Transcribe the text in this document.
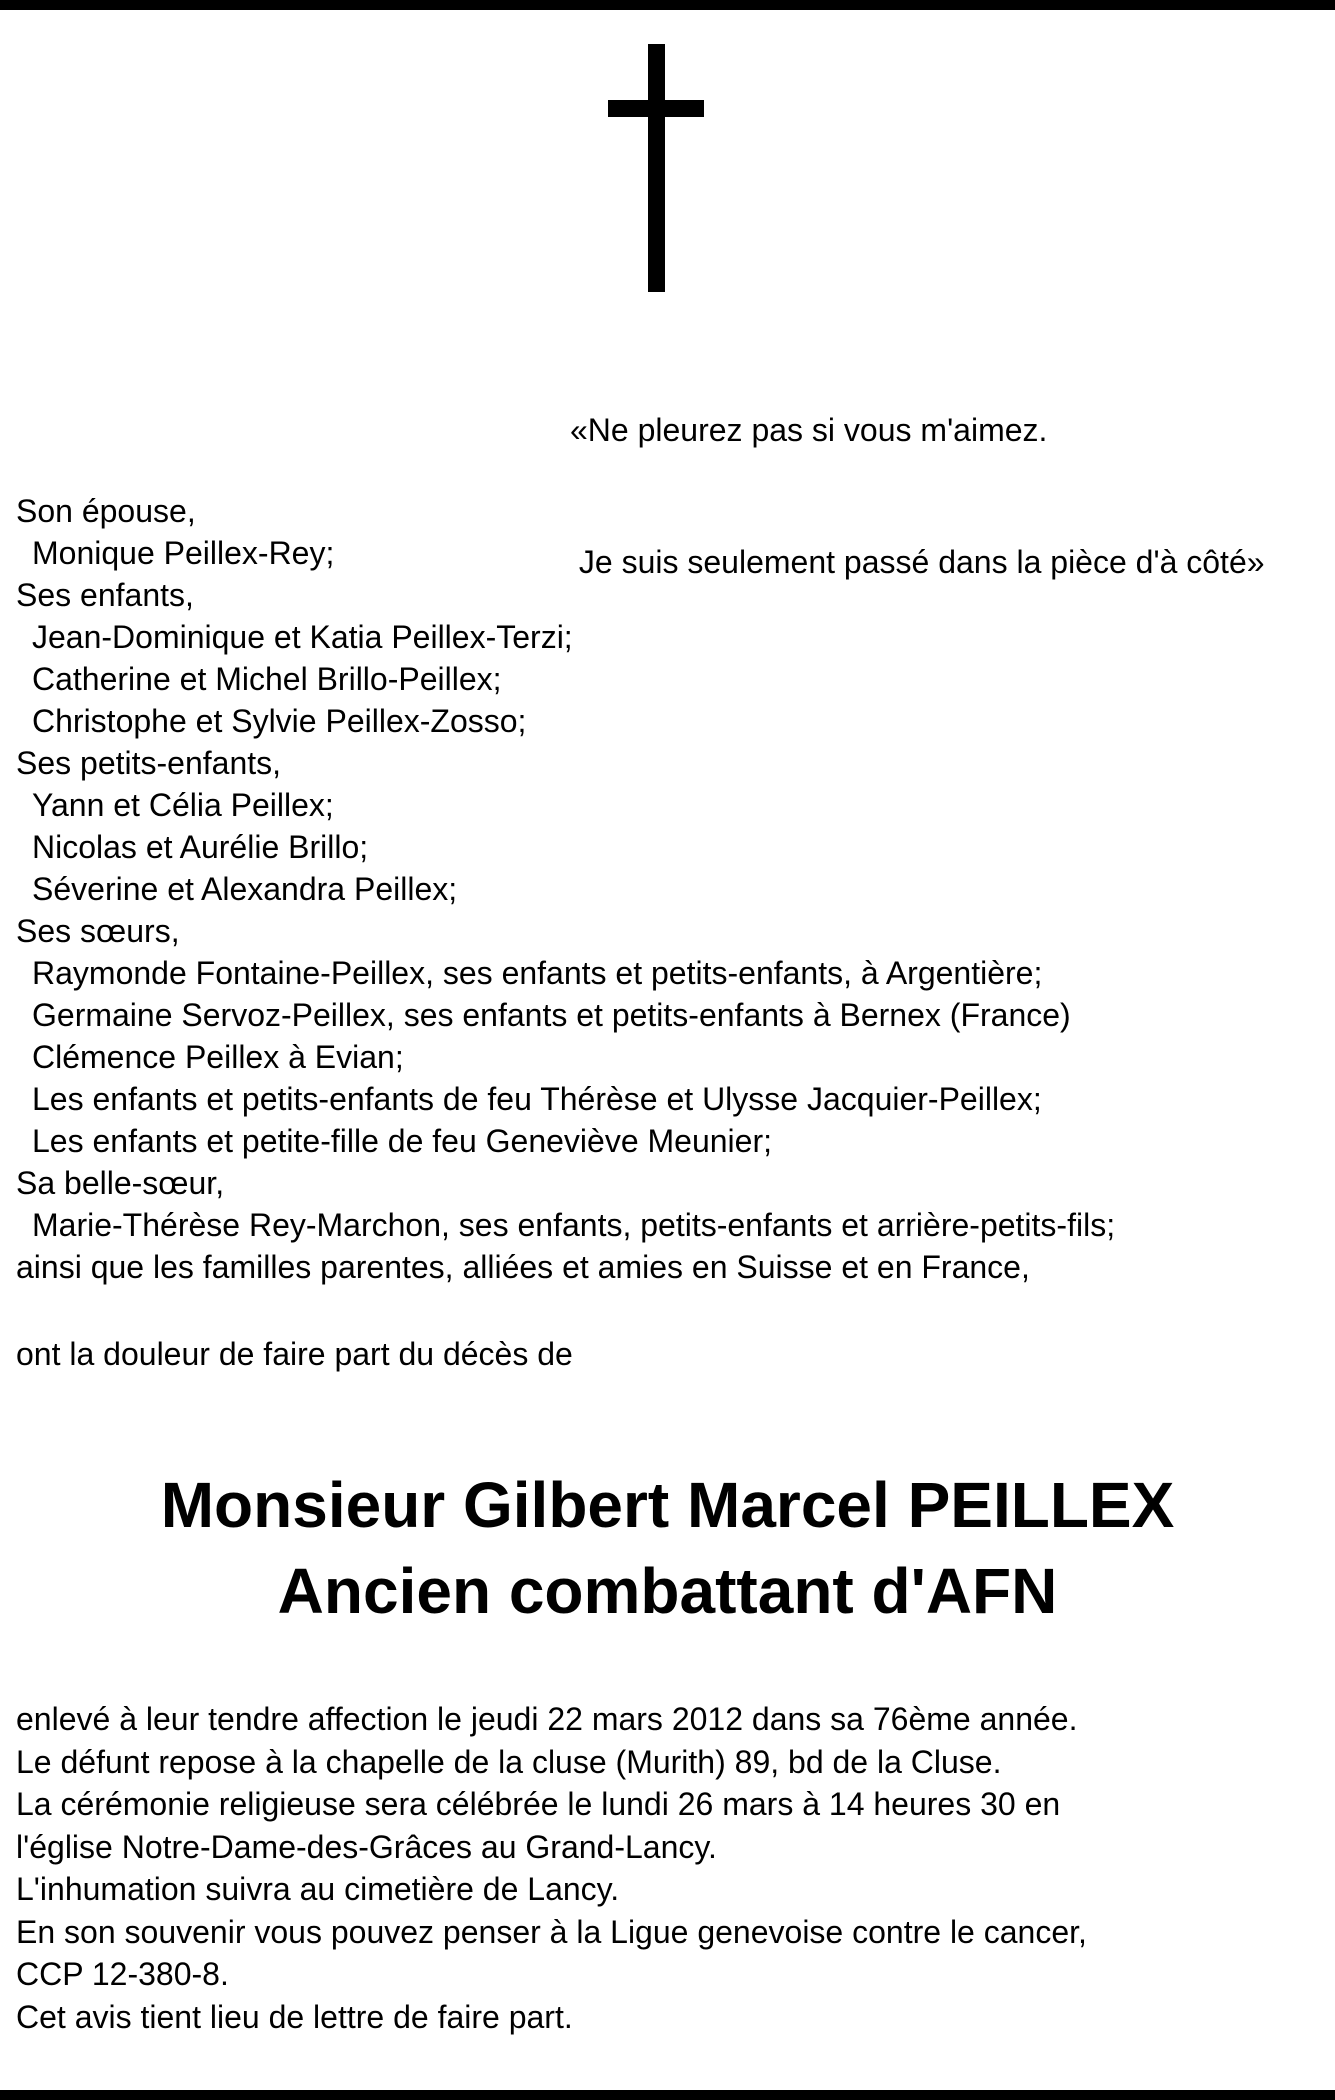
«Ne pleurez pas si vous m'aimez.

Je suis seulement passé dans la pièce d'à côté»

Son épouse,
Monique Peillex-Rey;
Ses enfants,
Jean-Dominique et Katia Peillex-Terzi;
Catherine et Michel Brillo-Peillex;
Christophe et Sylvie Peillex-Zosso;
Ses petits-enfants,
Yann et Célia Peillex;
Nicolas et Aurélie Brillo;
Séverine et Alexandra Peillex;
Ses sœurs,
Raymonde Fontaine-Peillex, ses enfants et petits-enfants, à Argentière;
Germaine Servoz-Peillex, ses enfants et petits-enfants à Bernex (France)
Clémence Peillex à Evian;
Les enfants et petits-enfants de feu Thérèse et Ulysse Jacquier-Peillex;
Les enfants et petite-fille de feu Geneviève Meunier;
Sa belle-sœur,
Marie-Thérèse Rey-Marchon, ses enfants, petits-enfants et arrière-petits-fils;
ainsi que les familles parentes, alliées et amies en Suisse et en France,
ont la douleur de faire part du décès de
Monsieur Gilbert Marcel PEILLEX
Ancien combattant d'AFN
enlevé à leur tendre affection le jeudi 22 mars 2012 dans sa 76ème année.
Le défunt repose à la chapelle de la cluse (Murith) 89, bd de la Cluse.
La cérémonie religieuse sera célébrée le lundi 26 mars à 14 heures 30 en
l'église Notre-Dame-des-Grâces au Grand-Lancy.
L'inhumation suivra au cimetière de Lancy.
En son souvenir vous pouvez penser à la Ligue genevoise contre le cancer,
CCP 12-380-8.
Cet avis tient lieu de lettre de faire part.
